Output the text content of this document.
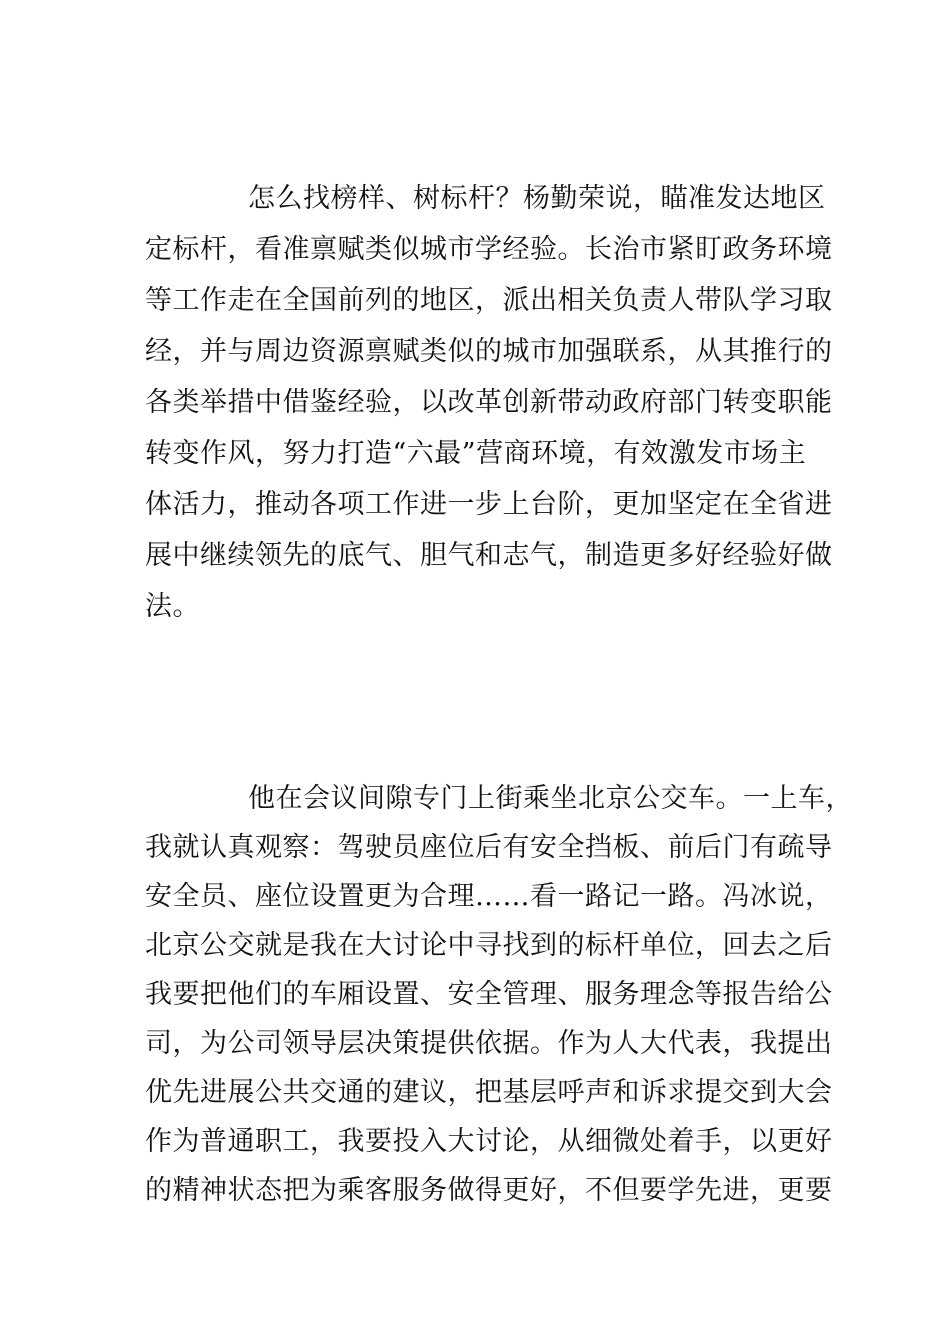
怎么找榜样、树标杆？杨勤荣说，瞄准发达地区
定标杆，看准禀赋类似城市学经验。长治市紧盯政务环境
等工作走在全国前列的地区，派出相关负责人带队学习取
经，并与周边资源禀赋类似的城市加强联系，从其推行的
各类举措中借鉴经验，以改革创新带动政府部门转变职能
转变作风，努力打造“六最”营商环境，有效激发市场主
体活力，推动各项工作进一步上台阶，更加坚定在全省进
展中继续领先的底气、胆气和志气，制造更多好经验好做
法。
他在会议间隙专门上街乘坐北京公交车。一上车，
我就认真观察：驾驶员座位后有安全挡板、前后门有疏导
安全员、座位设置更为合理……看一路记一路。冯冰说，
北京公交就是我在大讨论中寻找到的标杆单位，回去之后
我要把他们的车厢设置、安全管理、服务理念等报告给公
司，为公司领导层决策提供依据。作为人大代表，我提出
优先进展公共交通的建议，把基层呼声和诉求提交到大会
作为普通职工，我要投入大讨论，从细微处着手，以更好
的精神状态把为乘客服务做得更好，不但要学先进，更要
